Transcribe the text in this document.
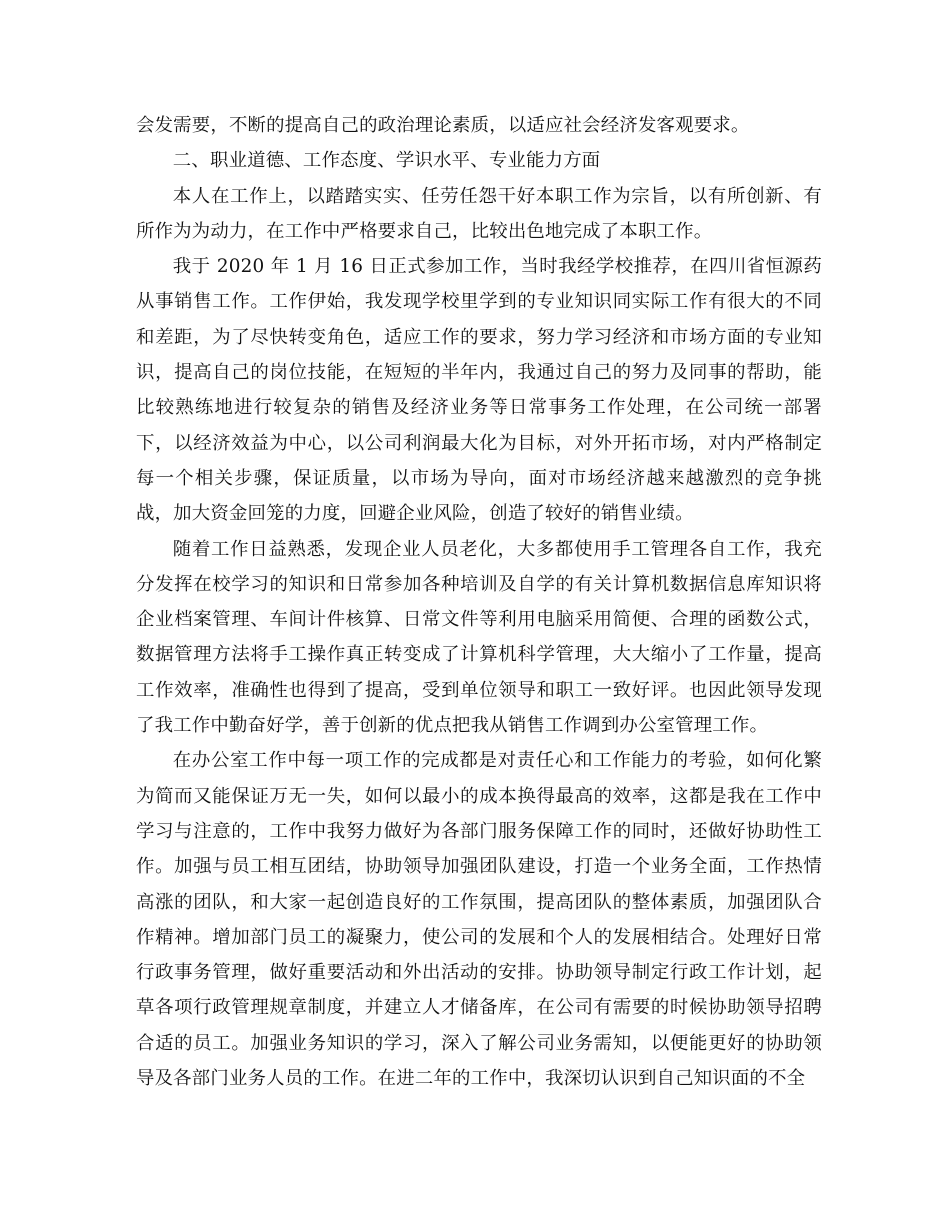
会发需要，不断的提高自己的政治理论素质，以适应社会经济发客观要求。

二、职业道德、工作态度、学识水平、专业能力方面

本人在工作上，以踏踏实实、任劳任怨干好本职工作为宗旨，以有所创新、有所作为为动力，在工作中严格要求自己，比较出色地完成了本职工作。

我于 2020 年 1 月 16 日正式参加工作，当时我经学校推荐，在四川省恒源药从事销售工作。工作伊始，我发现学校里学到的专业知识同实际工作有很大的不同和差距，为了尽快转变角色，适应工作的要求，努力学习经济和市场方面的专业知识，提高自己的岗位技能，在短短的半年内，我通过自己的努力及同事的帮助，能比较熟练地进行较复杂的销售及经济业务等日常事务工作处理，在公司统一部署下，以经济效益为中心，以公司利润最大化为目标，对外开拓市场，对内严格制定每一个相关步骤，保证质量，以市场为导向，面对市场经济越来越激烈的竞争挑战，加大资金回笼的力度，回避企业风险，创造了较好的销售业绩。

随着工作日益熟悉，发现企业人员老化，大多都使用手工管理各自工作，我充分发挥在校学习的知识和日常参加各种培训及自学的有关计算机数据信息库知识将企业档案管理、车间计件核算、日常文件等利用电脑采用简便、合理的函数公式，数据管理方法将手工操作真正转变成了计算机科学管理，大大缩小了工作量，提高工作效率，准确性也得到了提高，受到单位领导和职工一致好评。也因此领导发现了我工作中勤奋好学，善于创新的优点把我从销售工作调到办公室管理工作。

在办公室工作中每一项工作的完成都是对责任心和工作能力的考验，如何化繁为简而又能保证万无一失，如何以最小的成本换得最高的效率，这都是我在工作中学习与注意的，工作中我努力做好为各部门服务保障工作的同时，还做好协助性工作。加强与员工相互团结，协助领导加强团队建设，打造一个业务全面，工作热情高涨的团队，和大家一起创造良好的工作氛围，提高团队的整体素质，加强团队合作精神。增加部门员工的凝聚力，使公司的发展和个人的发展相结合。处理好日常行政事务管理，做好重要活动和外出活动的安排。协助领导制定行政工作计划，起草各项行政管理规章制度，并建立人才储备库，在公司有需要的时候协助领导招聘合适的员工。加强业务知识的学习，深入了解公司业务需知，以便能更好的协助领导及各部门业务人员的工作。在进二年的工作中，我深切认识到自己知识面的不全
